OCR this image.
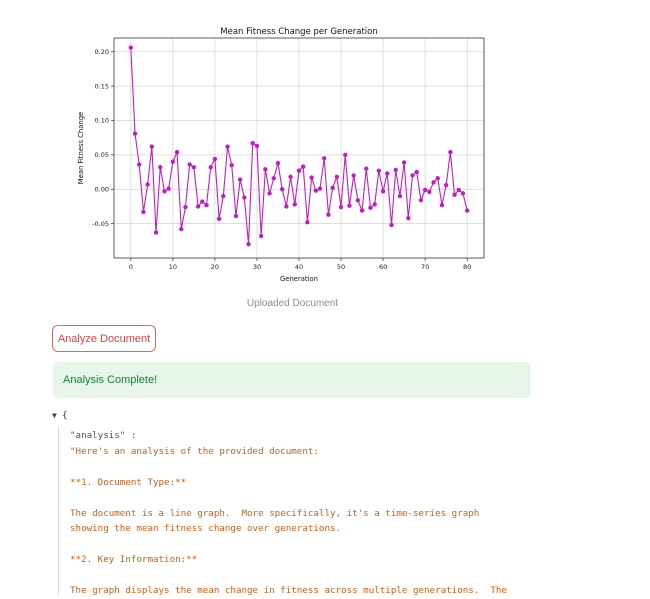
0	10	20	30	40	50	60	70	80
-0.05
0.00
0.05
0.10
0.15
0.20
Mean Fitness Change per Generation
Generation
Mean Fitness Change
Uploaded Document
Analyze Document
Analysis Complete!
▼ {
"analysis" :
"Here's an analysis of the provided document:
**1. Document Type:**
The document is a line graph.  More specifically, it's a time-series graph
showing the mean fitness change over generations.
**2. Key Information:**
The graph displays the mean change in fitness across multiple generations.  The
